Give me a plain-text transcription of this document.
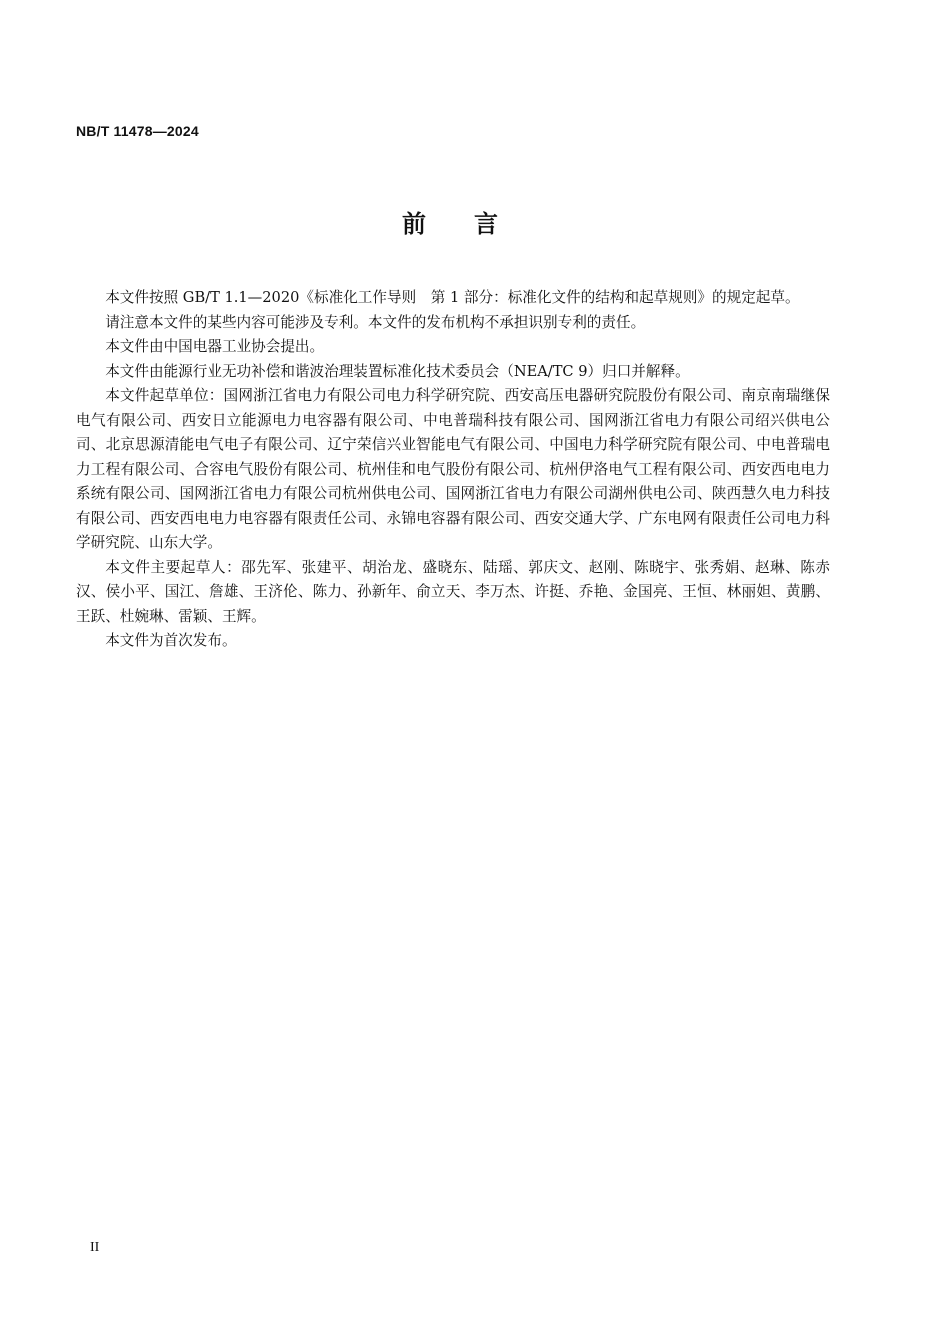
NB/T 11478—2024
前言

本文件按照 GB/T 1.1—2020《标准化工作导则　第 1 部分：标准化文件的结构和起草规则》的规定起草。

请注意本文件的某些内容可能涉及专利。本文件的发布机构不承担识别专利的责任。

本文件由中国电器工业协会提出。

本文件由能源行业无功补偿和谐波治理装置标准化技术委员会（NEA/TC 9）归口并解释。

本文件起草单位：国网浙江省电力有限公司电力科学研究院、西安高压电器研究院股份有限公司、南京南瑞继保电气有限公司、西安日立能源电力电容器有限公司、中电普瑞科技有限公司、国网浙江省电力有限公司绍兴供电公司、北京思源清能电气电子有限公司、辽宁荣信兴业智能电气有限公司、中国电力科学研究院有限公司、中电普瑞电力工程有限公司、合容电气股份有限公司、杭州佳和电气股份有限公司、杭州伊洛电气工程有限公司、西安西电电力系统有限公司、国网浙江省电力有限公司杭州供电公司、国网浙江省电力有限公司湖州供电公司、陕西慧久电力科技有限公司、西安西电电力电容器有限责任公司、永锦电容器有限公司、西安交通大学、广东电网有限责任公司电力科学研究院、山东大学。

本文件主要起草人：邵先军、张建平、胡治龙、盛晓东、陆瑶、郭庆文、赵刚、陈晓宇、张秀娟、赵琳、陈赤汉、侯小平、国江、詹雄、王济伦、陈力、孙新年、俞立天、李万杰、许挺、乔艳、金国亮、王恒、林丽妲、黄鹏、王跃、杜婉琳、雷颖、王辉。

本文件为首次发布。

II
